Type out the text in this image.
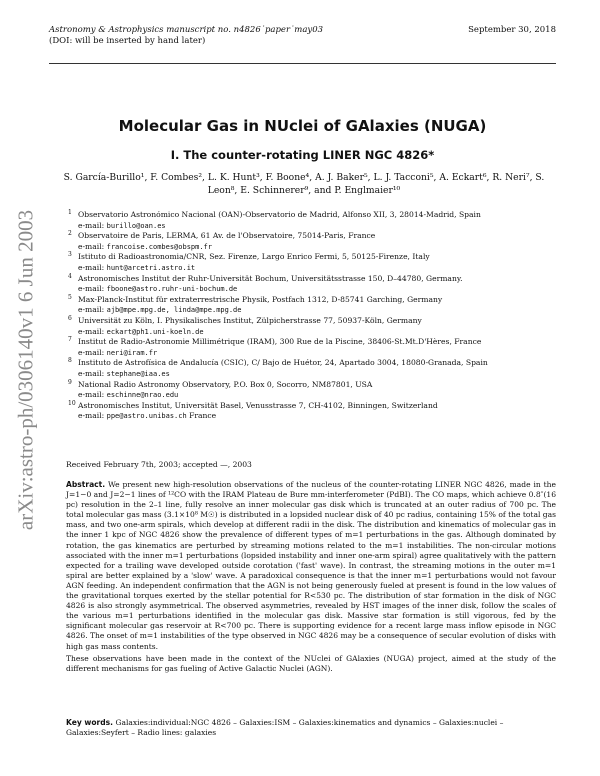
arXiv:astro-ph/0306140v1 6 Jun 2003
Astronomy & Astrophysics manuscript no. n4826˙paper˙may03
(DOI: will be inserted by hand later)
September 30, 2018
Molecular Gas in NUclei of GAlaxies (NUGA)
I. The counter-rotating LINER NGC 4826*
S. García-Burillo¹, F. Combes², L. K. Hunt³, F. Boone⁴, A. J. Baker⁵, L. J. Tacconi⁵, A. Eckart⁶, R. Neri⁷, S. Leon⁸, E. Schinnerer⁹, and P. Englmaier¹⁰
1 Observatorio Astronómico Nacional (OAN)-Observatorio de Madrid, Alfonso XII, 3, 28014-Madrid, Spain
e-mail: burillo@oan.es
2 Observatoire de Paris, LERMA, 61 Av. de l'Observatoire, 75014-Paris, France
e-mail: francoise.combes@obspm.fr
3 Istituto di Radioastronomia/CNR, Sez. Firenze, Largo Enrico Fermi, 5, 50125-Firenze, Italy
e-mail: hunt@arcetri.astro.it
4 Astronomisches Institut der Ruhr-Universität Bochum, Universitätsstrasse 150, D–44780, Germany.
e-mail: fboone@astro.ruhr-uni-bochum.de
5 Max-Planck-Institut für extraterrestrische Physik, Postfach 1312, D-85741 Garching, Germany
e-mail: ajb@mpe.mpg.de, linda@mpe.mpg.de
6 Universität zu Köln, I. Physikalisches Institut, Zülpicherstrasse 77, 50937-Köln, Germany
e-mail: eckart@ph1.uni-koeln.de
7 Institut de Radio-Astronomie Millimétrique (IRAM), 300 Rue de la Piscine, 38406-St.Mt.D'Hères, France
e-mail: neri@iram.fr
8 Instituto de Astrofísica de Andalucía (CSIC), C/ Bajo de Huétor, 24, Apartado 3004, 18080-Granada, Spain
e-mail: stephane@iaa.es
9 National Radio Astronomy Observatory, P.O. Box 0, Socorro, NM87801, USA
e-mail: eschinne@nrao.edu
10 Astronomisches Institut, Universität Basel, Venusstrasse 7, CH-4102, Binningen, Switzerland
e-mail: ppe@astro.unibas.ch France
Received February 7th, 2003; accepted —, 2003
Abstract. We present new high-resolution observations of the nucleus of the counter-rotating LINER NGC 4826, made in the J=1−0 and J=2−1 lines of ¹²CO with the IRAM Plateau de Bure mm-interferometer (PdBI). The CO maps, which achieve 0.8″(16 pc) resolution in the 2–1 line, fully resolve an inner molecular gas disk which is truncated at an outer radius of 700 pc. The total molecular gas mass (3.1×10⁸ M☉) is distributed in a lopsided nuclear disk of 40 pc radius, containing 15% of the total gas mass, and two one-arm spirals, which develop at different radii in the disk. The distribution and kinematics of molecular gas in the inner 1 kpc of NGC 4826 show the prevalence of different types of m=1 perturbations in the gas. Although dominated by rotation, the gas kinematics are perturbed by streaming motions related to the m=1 instabilities. The non-circular motions associated with the inner m=1 perturbations (lopsided instability and inner one-arm spiral) agree qualitatively with the pattern expected for a trailing wave developed outside corotation ('fast' wave). In contrast, the streaming motions in the outer m=1 spiral are better explained by a 'slow' wave. A paradoxical consequence is that the inner m=1 perturbations would not favour AGN feeding. An independent confirmation that the AGN is not being generously fueled at present is found in the low values of the gravitational torques exerted by the stellar potential for R<530 pc. The distribution of star formation in the disk of NGC 4826 is also strongly asymmetrical. The observed asymmetries, revealed by HST images of the inner disk, follow the scales of the various m=1 perturbations identified in the molecular gas disk. Massive star formation is still vigorous, fed by the significant molecular gas reservoir at R<700 pc. There is supporting evidence for a recent large mass inflow episode in NGC 4826. The onset of m=1 instabilities of the type observed in NGC 4826 may be a consequence of secular evolution of disks with high gas mass contents.
These observations have been made in the context of the NUclei of GAlaxies (NUGA) project, aimed at the study of the different mechanisms for gas fueling of Active Galactic Nuclei (AGN).
Key words. Galaxies:individual:NGC 4826 – Galaxies:ISM – Galaxies:kinematics and dynamics – Galaxies:nuclei – Galaxies:Seyfert – Radio lines: galaxies
